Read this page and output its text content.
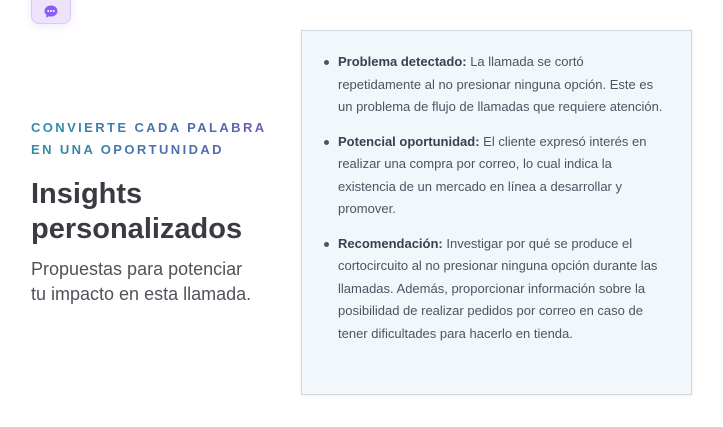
CONVIERTE CADA PALABRA
EN UNA OPORTUNIDAD
Insights
personalizados
Propuestas para potenciar
tu impacto en esta llamada.
Problema detectado: La llamada se cortó repetidamente al no presionar ninguna opción. Este es un problema de flujo de llamadas que requiere atención.
Potencial oportunidad: El cliente expresó interés en realizar una compra por correo, lo cual indica la existencia de un mercado en línea a desarrollar y promover.
Recomendación: Investigar por qué se produce el cortocircuito al no presionar ninguna opción durante las llamadas. Además, proporcionar información sobre la posibilidad de realizar pedidos por correo en caso de tener dificultades para hacerlo en tienda.
